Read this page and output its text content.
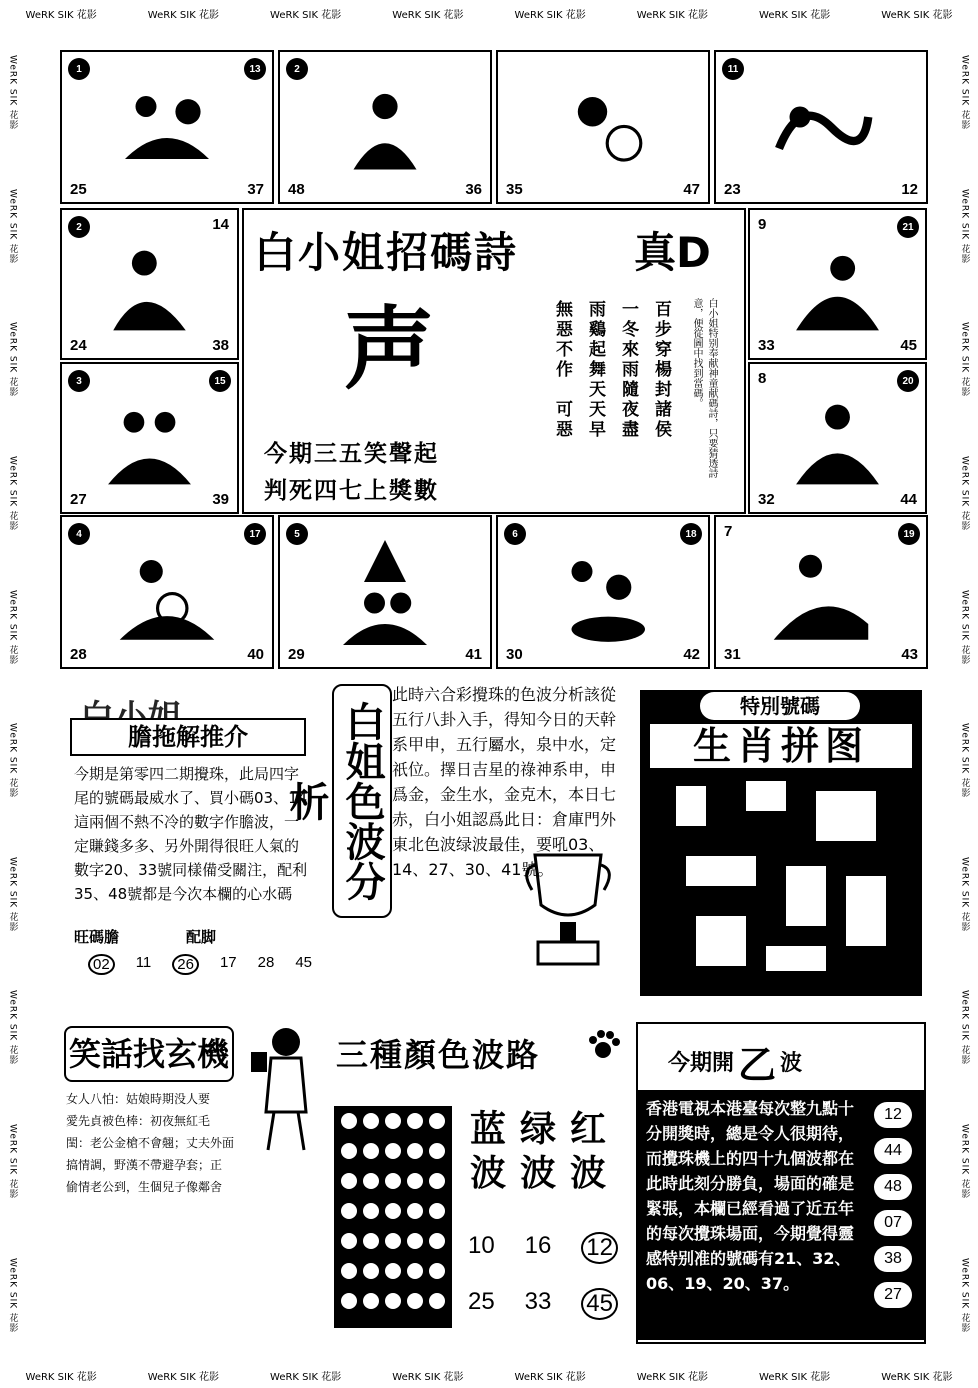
WeRK SIK 花影	WeRK SIK 花影	WeRK SIK 花影	WeRK SIK 花影	WeRK SIK 花影	WeRK SIK 花影	WeRK SIK 花影	WeRK SIK 花影
WeRK SIK 花影	WeRK SIK 花影	WeRK SIK 花影	WeRK SIK 花影	WeRK SIK 花影	WeRK SIK 花影	WeRK SIK 花影	WeRK SIK 花影
WeRK SIK 花影
WeRK SIK 花影
WeRK SIK 花影
WeRK SIK 花影
WeRK SIK 花影
WeRK SIK 花影
WeRK SIK 花影
WeRK SIK 花影
WeRK SIK 花影
WeRK SIK 花影
WeRK SIK 花影
WeRK SIK 花影
WeRK SIK 花影
WeRK SIK 花影
WeRK SIK 花影
WeRK SIK 花影
WeRK SIK 花影
WeRK SIK 花影
WeRK SIK 花影
WeRK SIK 花影
1	13
25	37
2
48	36 35	47
11
23	12
2	14
24	38
9	21
33	45
3	15
27	39
8	20
32	44
白小姐招碼詩	真D
声	白小姐特别奉献神童献碼詩，只要猜透詩意，便從圖中找到當碼。
百步穿楊封諸侯
一冬來雨隨夜盡
雨鷄起舞天天早
無惡不作　可惡
今期三五笑聲起
判死四七上獎數
4	17
28	40
5
29	41
6	18
30	42
7	19
31	43
膽拖解推介
今期是第零四二期攪珠，此局四字尾的號碼最威水了、買小碼03、14這兩個不熱不冷的數字作膽波，一定賺錢多多、另外開得很旺人氣的數字20、33號同樣備受關注，配利35、48號都是今次本欄的心水碼
旺碼膽	配脚
02	11	26	17 28 45
白姐色波分析
此時六合彩攪珠的色波分析該從五行八卦入手，得知今日的天幹系甲申，五行屬水，泉中水，定祇位。擇日吉星的祿神系申，申爲金，金生水，金克木，本日七赤，白小姐認爲此日：倉庫門外東北色波绿波最佳，要吼03、14、27、30、41號。
特別號碼
生肖拼图
笑話找玄機
女人八怕：姑娘時期没人要
愛先貞被色棒：初夜無紅毛
閨：老公金槍不會翹；丈夫外面
搞情調，野漢不帶避孕套；正
偷情老公到，生個兒子像鄰舍
三種顏色波路
蓝波
绿波
红波
10 16 12
25 33 45
今期開 乙 波
香港電視本港臺每次整九點十分開獎時，總是令人很期待，而攪珠機上的四十九個波都在此時此刻分勝負，場面的確是緊張，本欄已經看過了近五年的每次攪珠場面，今期覺得靈感特别准的號碼有21、32、06、19、20、37。
12
44
48
07
38
27
